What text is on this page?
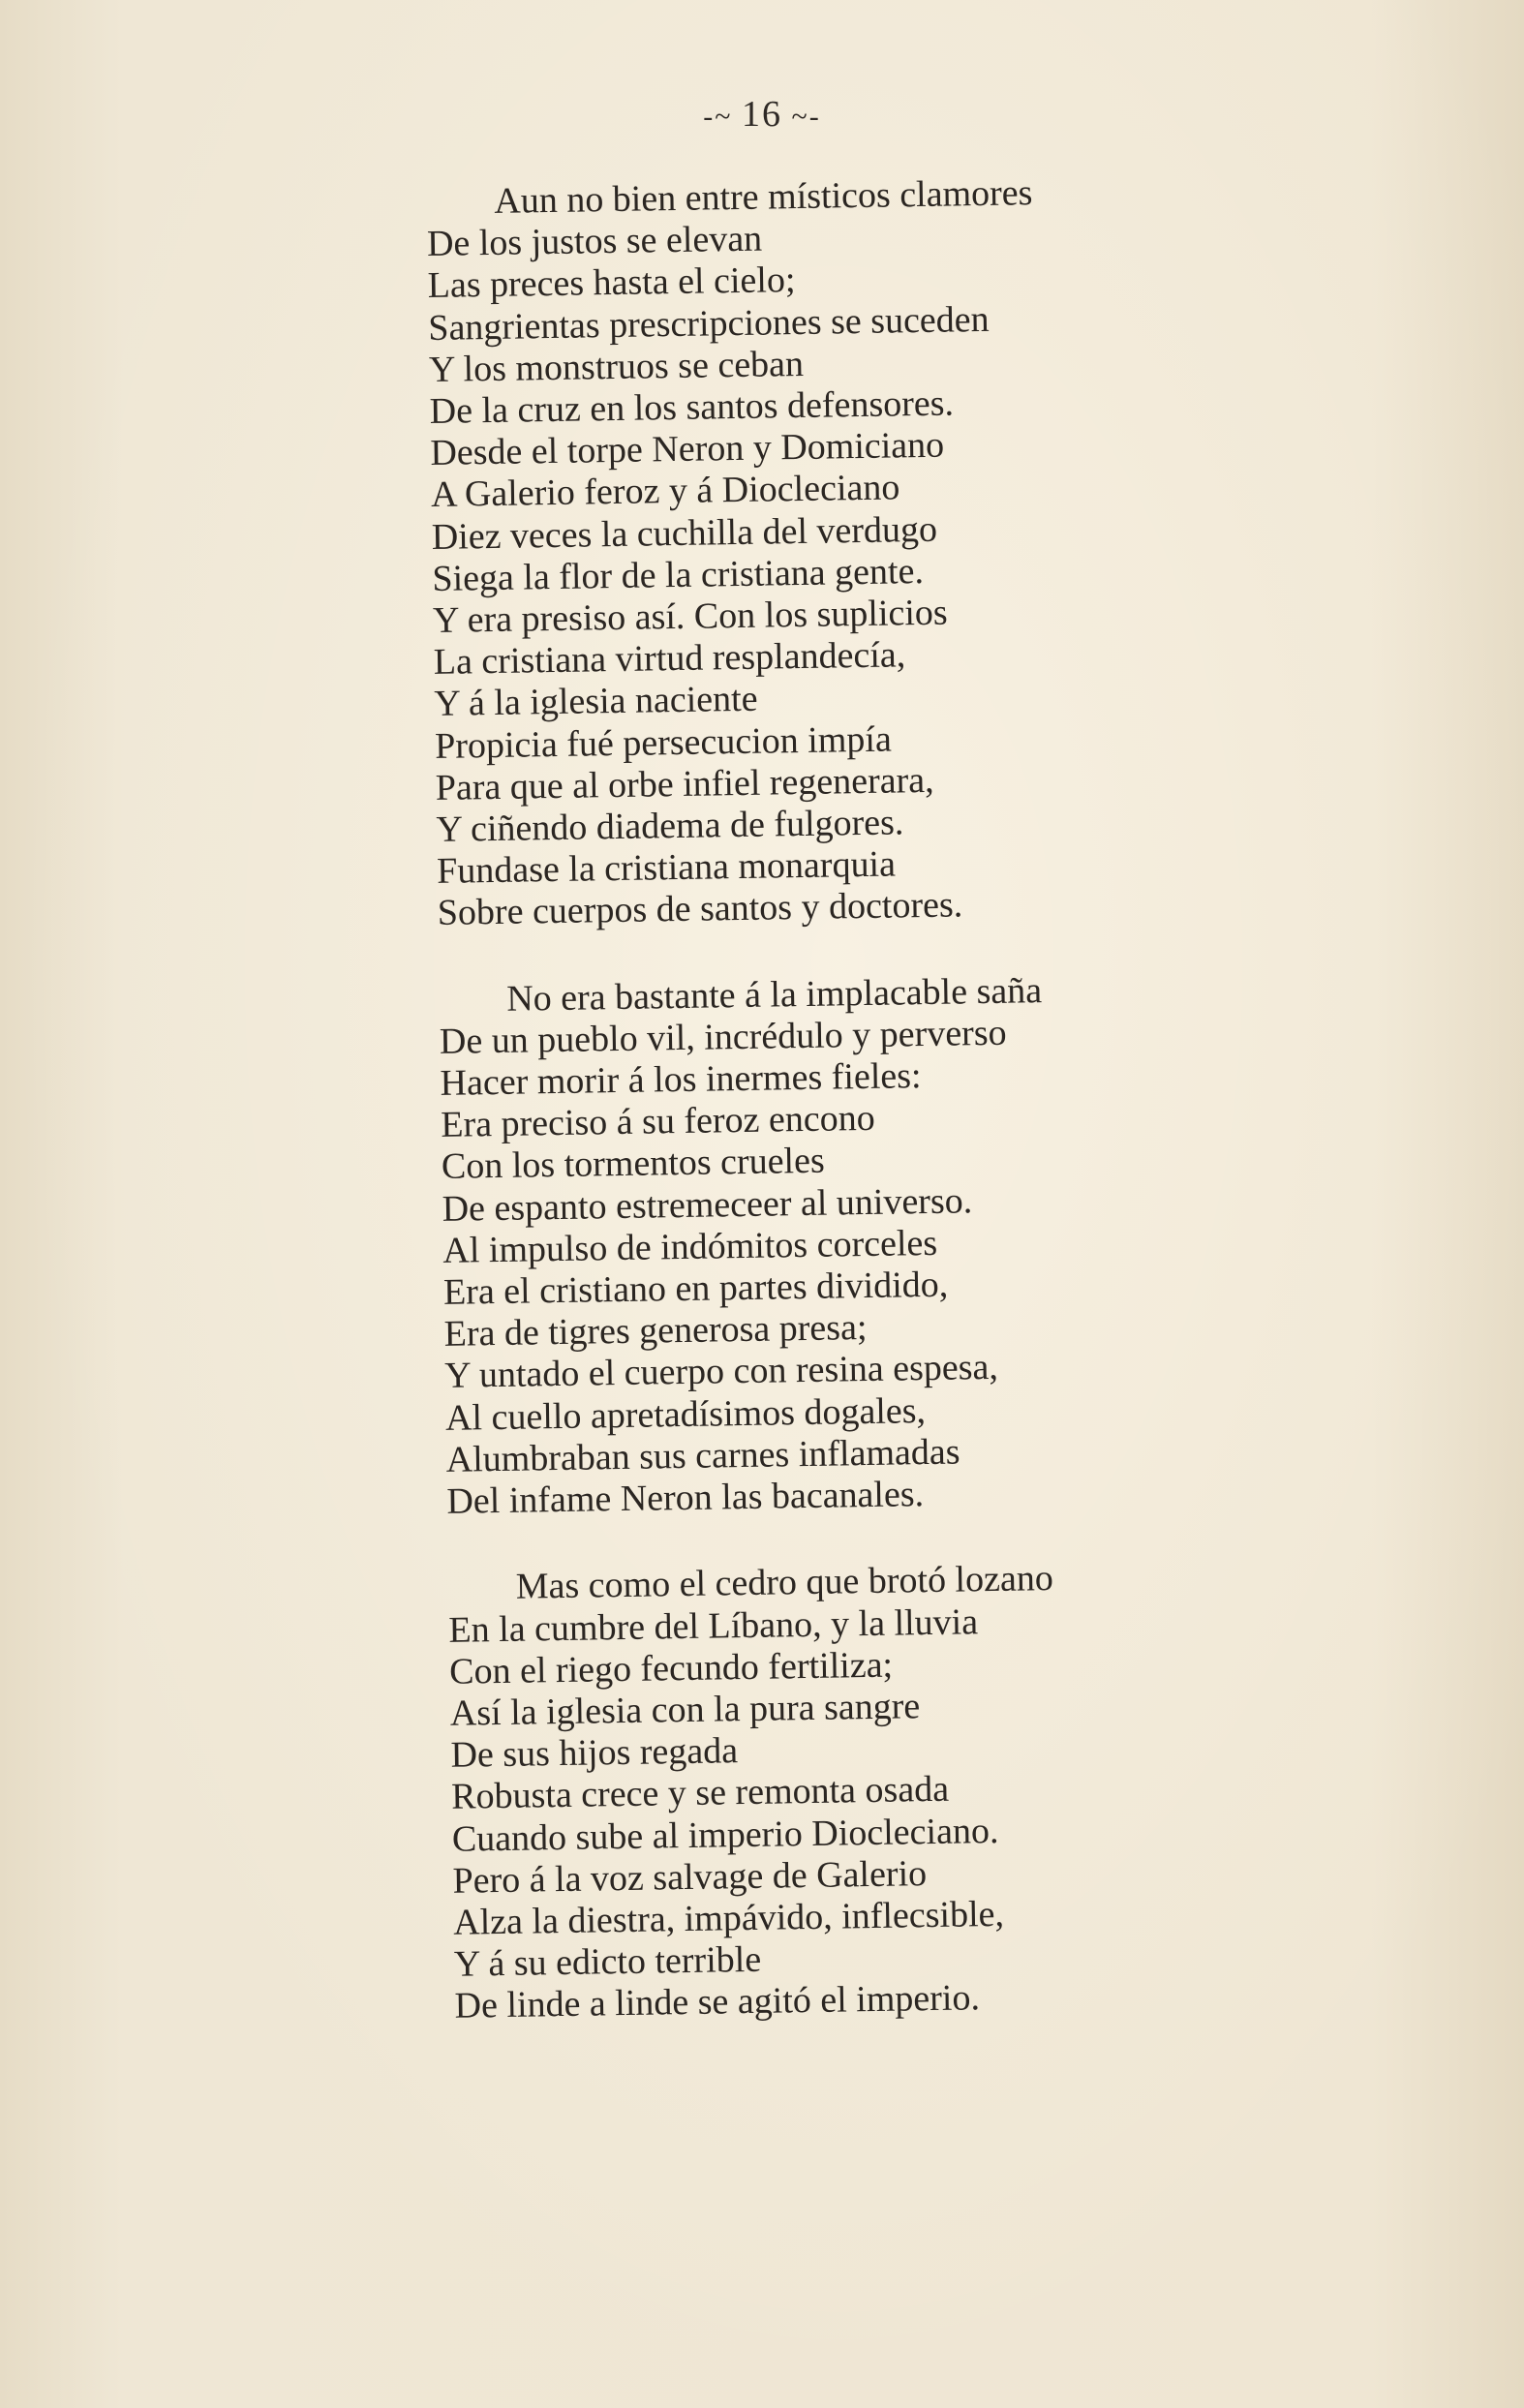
-~ 16 ~-
Aun no bien entre místicos clamores
De los justos se elevan
Las preces hasta el cielo;
Sangrientas prescripciones se suceden
Y los monstruos se ceban
De la cruz en los santos defensores.
Desde el torpe Neron y Domiciano
A Galerio feroz y á Diocleciano
Diez veces la cuchilla del verdugo
Siega la flor de la cristiana gente.
Y era presiso así. Con los suplicios
La cristiana virtud resplandecía,
Y á la iglesia naciente
Propicia fué persecucion impía
Para que al orbe infiel regenerara,
Y ciñendo diadema de fulgores.
Fundase la cristiana monarquia
Sobre cuerpos de santos y doctores.
No era bastante á la implacable saña
De un pueblo vil, incrédulo y perverso
Hacer morir á los inermes fieles:
Era preciso á su feroz encono
Con los tormentos crueles
De espanto estremeceer al universo.
Al impulso de indómitos corceles
Era el cristiano en partes dividido,
Era de tigres generosa presa;
Y untado el cuerpo con resina espesa,
Al cuello apretadísimos dogales,
Alumbraban sus carnes inflamadas
Del infame Neron las bacanales.
Mas como el cedro que brotó lozano
En la cumbre del Líbano, y la lluvia
Con el riego fecundo fertiliza;
Así la iglesia con la pura sangre
De sus hijos regada
Robusta crece y se remonta osada
Cuando sube al imperio Diocleciano.
Pero á la voz salvage de Galerio
Alza la diestra, impávido, inflecsible,
Y á su edicto terrible
De linde a linde se agitó el imperio.
